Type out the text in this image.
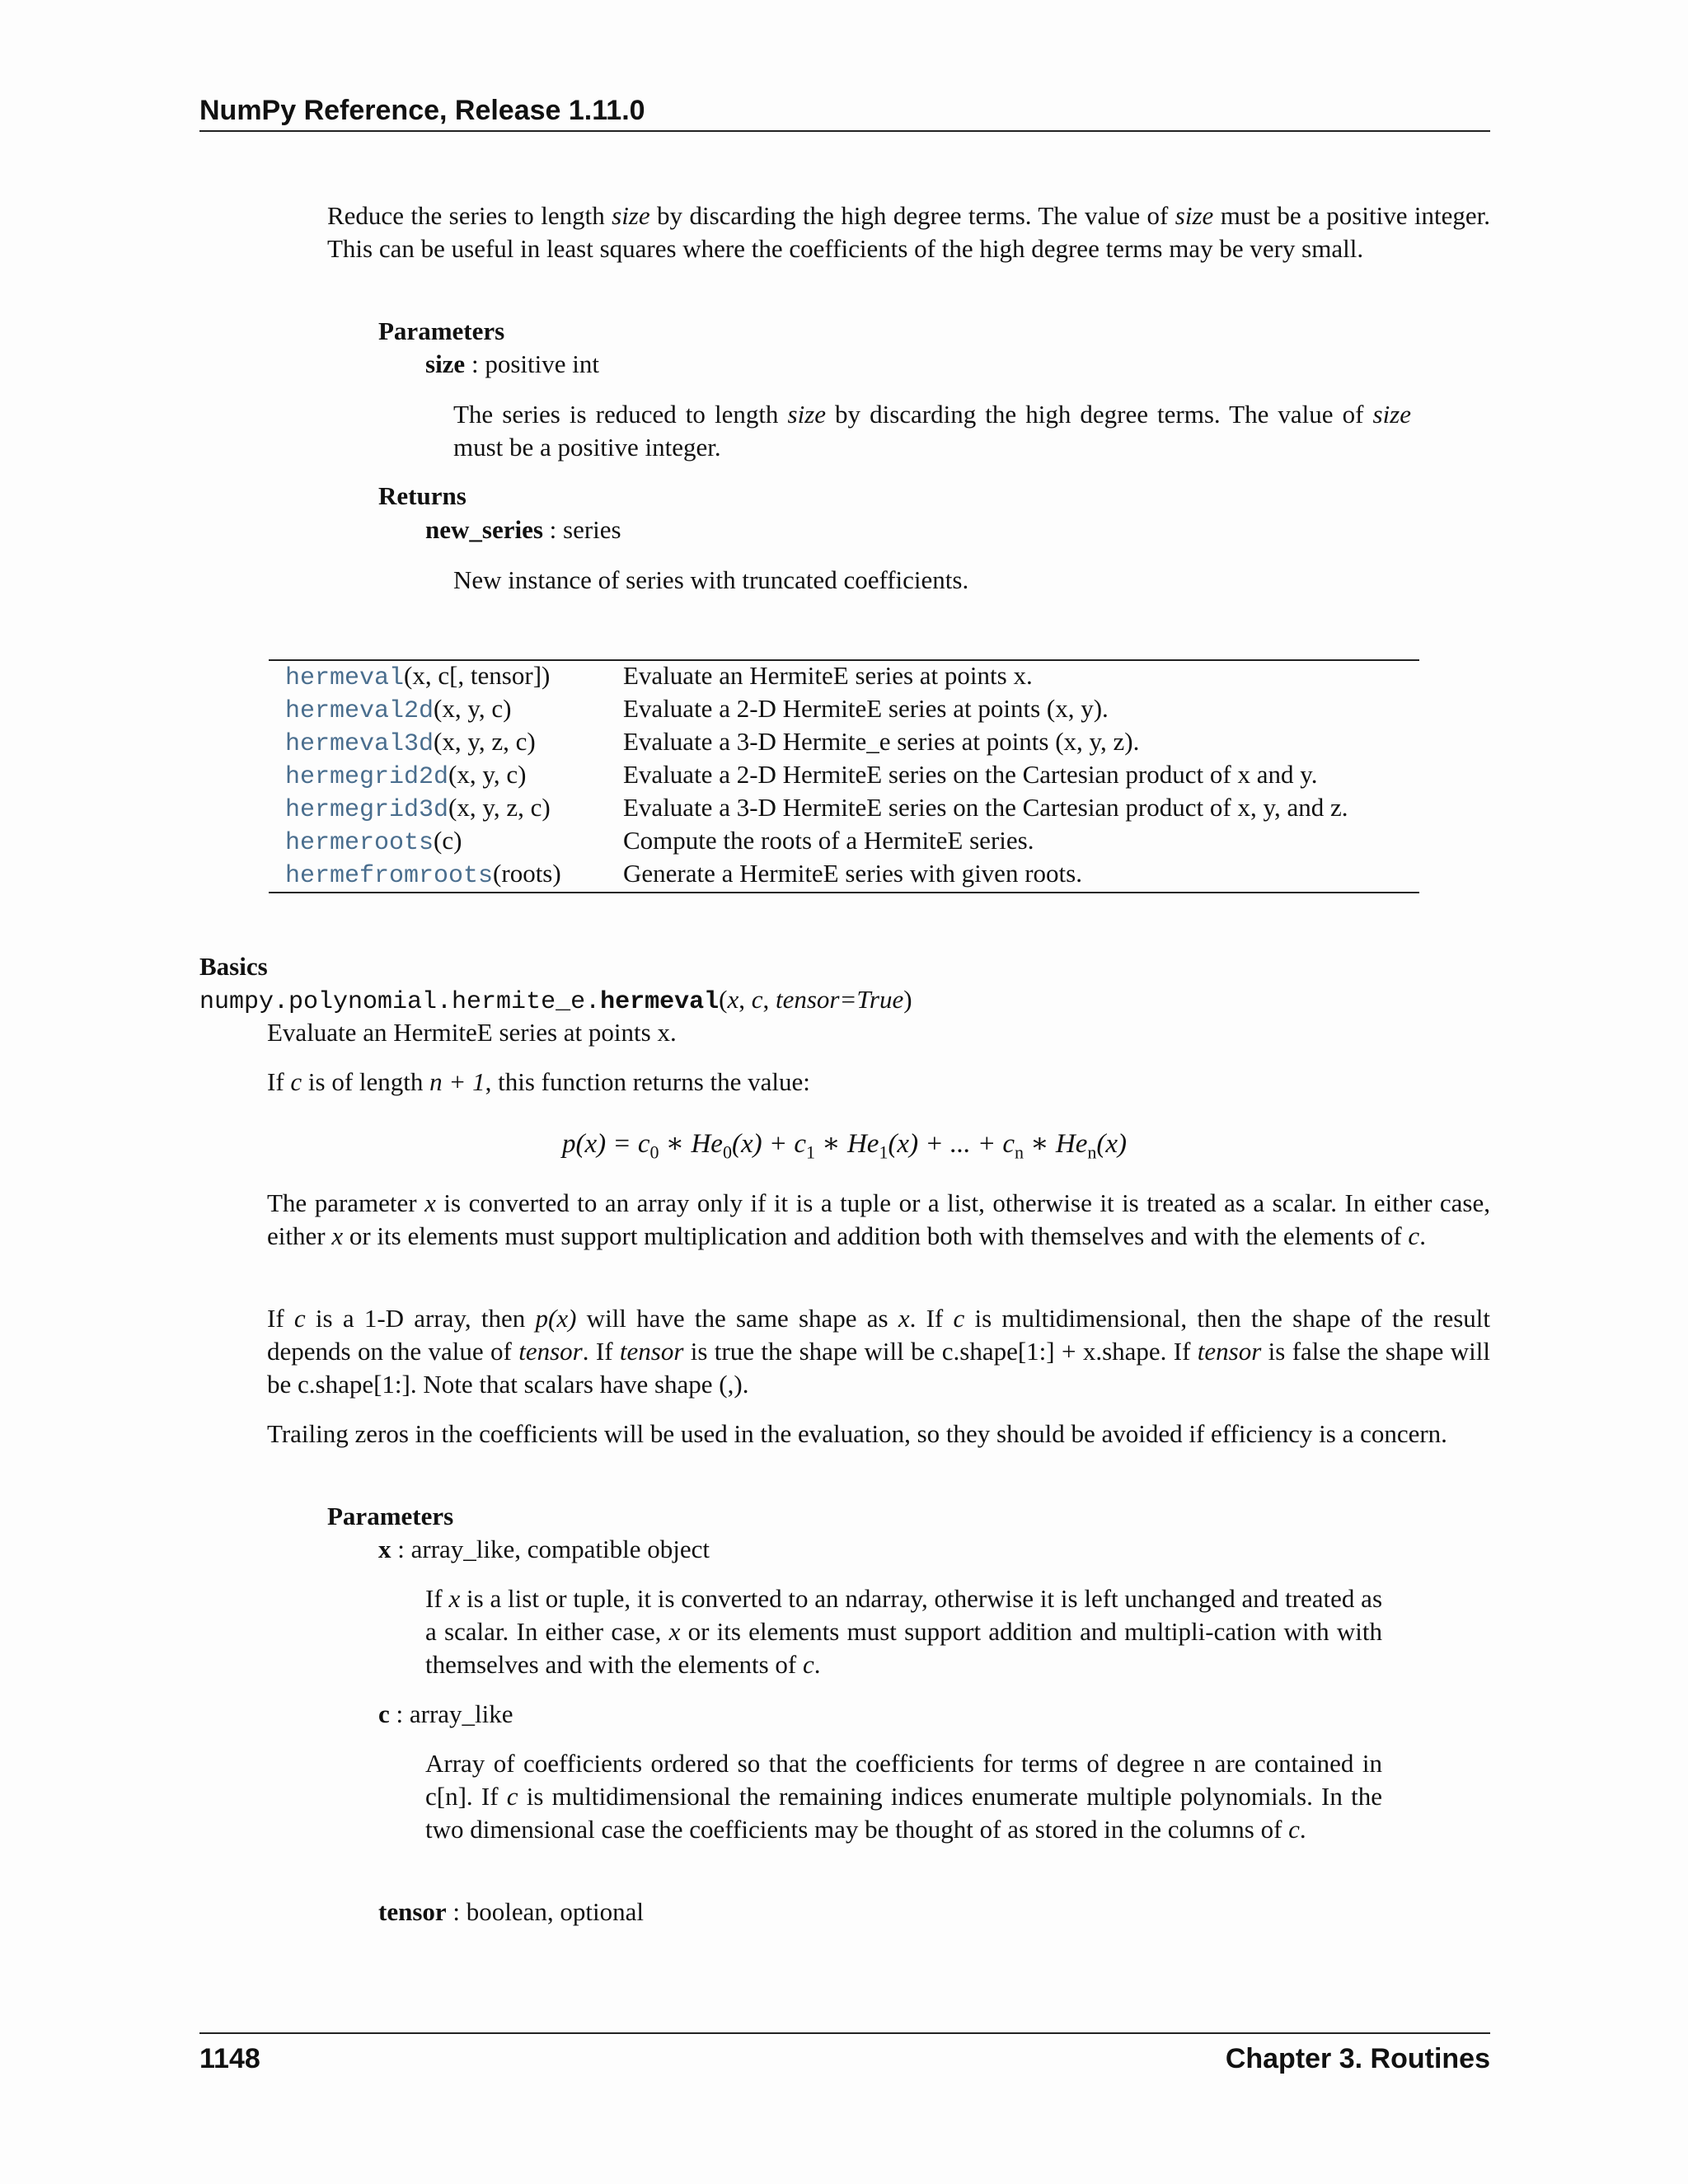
NumPy Reference, Release 1.11.0

Reduce the series to length size by discarding the high degree terms. The value of size must be a positive integer. This can be useful in least squares where the coefficients of the high degree terms may be very small.

Parameters
size : positive int

The series is reduced to length size by discarding the high degree terms. The value of size must be a positive integer.

Returns
new_series : series
New instance of series with truncated coefficients.
hermeval(x, c[, tensor])	Evaluate an HermiteE series at points x.
hermeval2d(x, y, c)	Evaluate a 2-D HermiteE series at points (x, y).
hermeval3d(x, y, z, c)	Evaluate a 3-D Hermite_e series at points (x, y, z).
hermegrid2d(x, y, c)	Evaluate a 2-D HermiteE series on the Cartesian product of x and y.
hermegrid3d(x, y, z, c)	Evaluate a 3-D HermiteE series on the Cartesian product of x, y, and z.
hermeroots(c)	Compute the roots of a HermiteE series.
hermefromroots(roots) Generate a HermiteE series with given roots.
Basics
numpy.polynomial.hermite_e.hermeval(x, c, tensor=True)
Evaluate an HermiteE series at points x.
If c is of length n + 1, this function returns the value:
$p(x) = c_0$ ∗ $He_0(x) + c_1$ ∗ $He_1(x)$ + ... + $c_n$ ∗ $He_n(x)$

The parameter x is converted to an array only if it is a tuple or a list, otherwise it is treated as a scalar. In either case, either x or its elements must support multiplication and addition both with themselves and with the elements of c.

If c is a 1-D array, then p(x) will have the same shape as x. If c is multidimensional, then the shape of the result depends on the value of tensor. If tensor is true the shape will be c.shape[1:] + x.shape. If tensor is false the shape will be c.shape[1:]. Note that scalars have shape (,).

Trailing zeros in the coefficients will be used in the evaluation, so they should be avoided if efficiency is a concern.

Parameters
x : array_like, compatible object

If x is a list or tuple, it is converted to an ndarray, otherwise it is left unchanged and treated as a scalar. In either case, x or its elements must support addition and multipli-cation with with themselves and with the elements of c.

c : array_like

Array of coefficients ordered so that the coefficients for terms of degree n are contained in c[n]. If c is multidimensional the remaining indices enumerate multiple polynomials. In the two dimensional case the coefficients may be thought of as stored in the columns of c.

tensor : boolean, optional
1148	Chapter 3. Routines
